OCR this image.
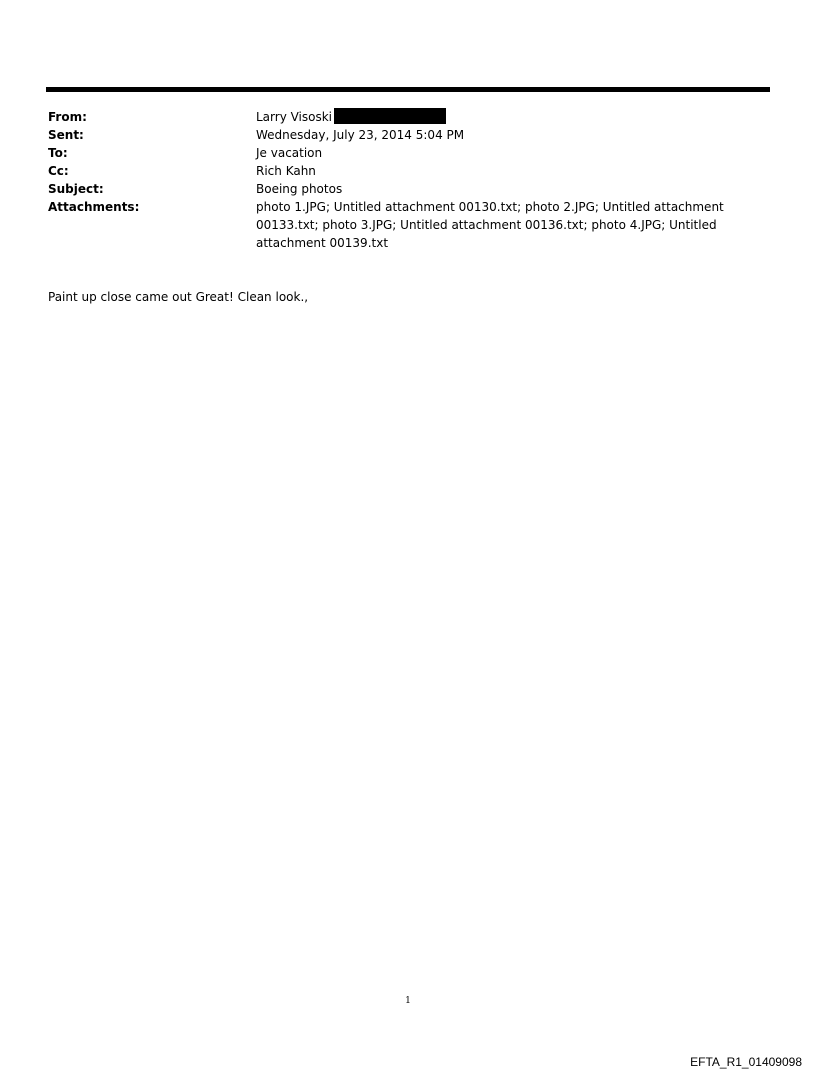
From:	Larry Visoski
Sent:	Wednesday, July 23, 2014 5:04 PM
To:	Je vacation
Cc:	Rich Kahn
Subject:	Boeing photos
Attachments:	photo 1.JPG; Untitled attachment 00130.txt; photo 2.JPG; Untitled attachment 00133.txt; photo 3.JPG; Untitled attachment 00136.txt; photo 4.JPG; Untitled attachment 00139.txt
Paint up close came out Great! Clean look.,
1
EFTA_R1_01409098
